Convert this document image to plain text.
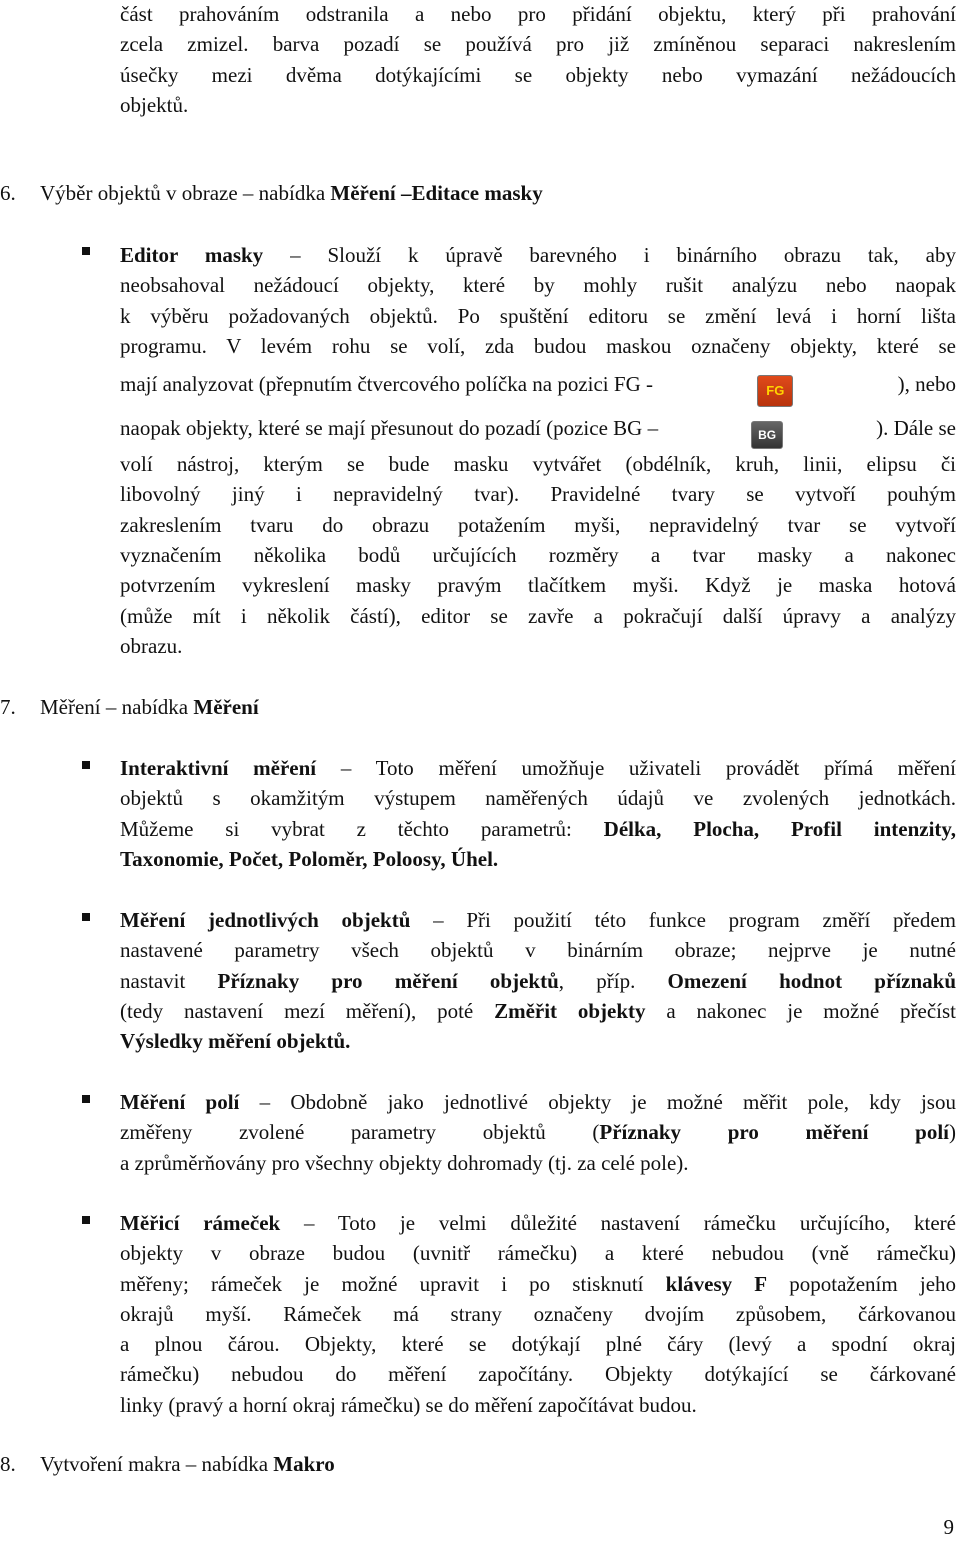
část prahováním odstranila a nebo pro přidání objektu, který při prahování
zcela zmizel. barva pozadí se používá pro již zmíněnou separaci nakreslením
úsečky mezi dvěma dotýkajícími se objekty nebo vymazání nežádoucích
objektů.
6.	Výběr objektů v obraze – nabídka Měření –Editace masky
Editor masky – Slouží k úpravě barevného i binárního obrazu tak, aby
neobsahoval nežádoucí objekty, které by mohly rušit analýzu nebo naopak
k výběru požadovaných objektů. Po spuštění editoru se změní levá i horní lišta
programu. V levém rohu se volí, zda budou maskou označeny objekty, které se
mají analyzovat (přepnutím čtvercového políčka na pozici FG -	FG	), nebo
naopak objekty, které se mají přesunout do pozadí (pozice BG –	BG	). Dále se
volí nástroj, kterým se bude masku vytvářet (obdélník, kruh, linii, elipsu či
libovolný jiný i nepravidelný tvar). Pravidelné tvary se vytvoří pouhým
zakreslením tvaru do obrazu potažením myši, nepravidelný tvar se vytvoří
vyznačením několika bodů určujících rozměry a tvar masky a nakonec
potvrzením vykreslení masky pravým tlačítkem myši. Když je maska hotová
(může mít i několik částí), editor se zavře a pokračují další úpravy a analýzy
obrazu.
7.	Měření – nabídka Měření
Interaktivní měření – Toto měření umožňuje uživateli provádět přímá měření
objektů s okamžitým výstupem naměřených údajů ve zvolených jednotkách.
Můžeme si vybrat z těchto parametrů: Délka, Plocha, Profil intenzity,
Taxonomie, Počet, Poloměr, Poloosy, Úhel.
Měření jednotlivých objektů – Při použití této funkce program změří předem
nastavené parametry všech objektů v binárním obraze; nejprve je nutné
nastavit Příznaky pro měření objektů, příp. Omezení hodnot příznaků
(tedy nastavení mezí měření), poté Změřit objekty a nakonec je možné přečíst
Výsledky měření objektů.
Měření polí – Obdobně jako jednotlivé objekty je možné měřit pole, kdy jsou
změřeny zvolené parametry objektů (Příznaky pro měření polí)
a zprůměrňovány pro všechny objekty dohromady (tj. za celé pole).
Měřicí rámeček – Toto je velmi důležité nastavení rámečku určujícího, které
objekty v obraze budou (uvnitř rámečku) a které nebudou (vně rámečku)
měřeny; rámeček je možné upravit i po stisknutí klávesy F popotažením jeho
okrajů myší. Rámeček má strany označeny dvojím způsobem, čárkovanou
a plnou čárou. Objekty, které se dotýkají plné čáry (levý a spodní okraj
rámečku) nebudou do měření započítány. Objekty dotýkající se čárkované
linky (pravý a horní okraj rámečku) se do měření započítávat budou.
8.	Vytvoření makra – nabídka Makro
9
